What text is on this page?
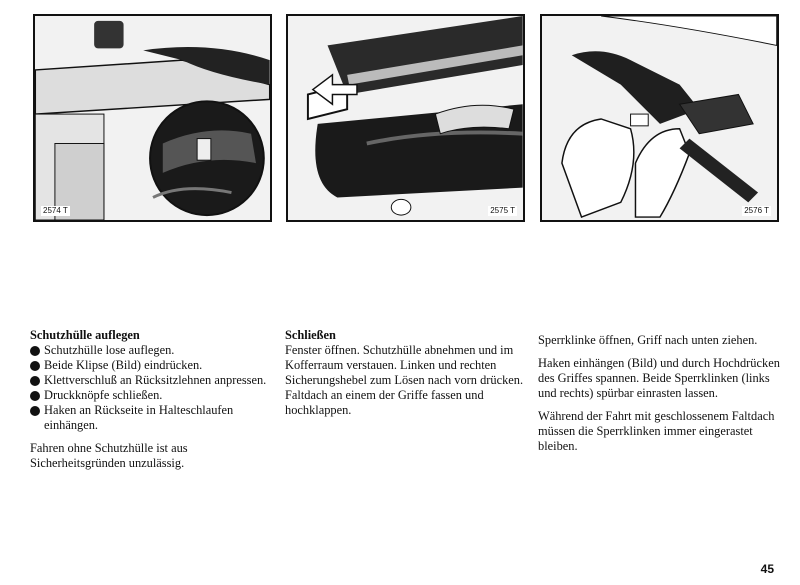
2574 T	2575 T	2576 T

Schutzhülle auflegen

Schutzhülle lose auflegen.
Beide Klipse (Bild) eindrücken.
Klettverschluß an Rücksitzlehnen anpressen.
Druckknöpfe schließen.
Haken an Rückseite in Halteschlaufen einhängen.

Fahren ohne Schutzhülle ist aus Sicherheitsgründen unzulässig.

Schließen

Fenster öffnen. Schutzhülle abnehmen und im Kofferraum verstauen. Linken und rechten Sicherungshebel zum Lösen nach vorn drücken. Faltdach an einem der Griffe fassen und hochklappen.

Sperrklinke öffnen, Griff nach unten ziehen.

Haken einhängen (Bild) und durch Hochdrücken des Griffes spannen. Beide Sperrklinken (links und rechts) spürbar einrasten lassen.

Während der Fahrt mit geschlossenem Faltdach müssen die Sperrklinken immer eingerastet bleiben.

45
